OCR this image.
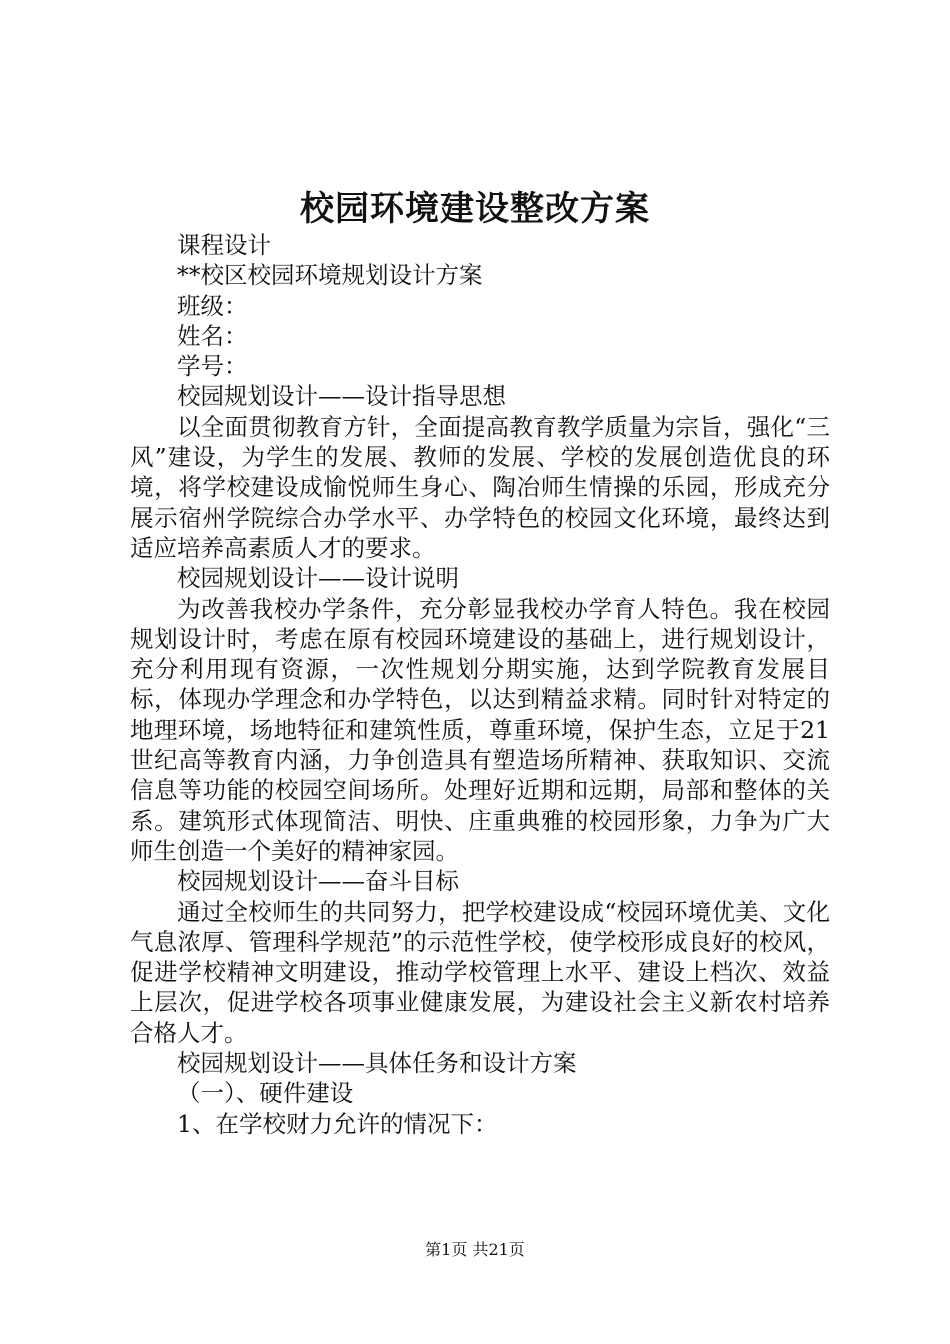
校园环境建设整改方案

课程设计

**校区校园环境规划设计方案

班级：

姓名：

学号：

校园规划设计——设计指导思想

以全面贯彻教育方针，全面提高教育教学质量为宗旨，强化“三风”建设，为学生的发展、教师的发展、学校的发展创造优良的环境，将学校建设成愉悦师生身心、陶冶师生情操的乐园，形成充分展示宿州学院综合办学水平、办学特色的校园文化环境，最终达到适应培养高素质人才的要求。

校园规划设计——设计说明

为改善我校办学条件，充分彰显我校办学育人特色。我在校园规划设计时，考虑在原有校园环境建设的基础上，进行规划设计，充分利用现有资源，一次性规划分期实施，达到学院教育发展目标，体现办学理念和办学特色，以达到精益求精。同时针对特定的地理环境，场地特征和建筑性质，尊重环境，保护生态，立足于21世纪高等教育内涵，力争创造具有塑造场所精神、获取知识、交流信息等功能的校园空间场所。处理好近期和远期，局部和整体的关系。建筑形式体现简洁、明快、庄重典雅的校园形象，力争为广大师生创造一个美好的精神家园。

校园规划设计——奋斗目标

通过全校师生的共同努力，把学校建设成“校园环境优美、文化气息浓厚、管理科学规范”的示范性学校，使学校形成良好的校风，促进学校精神文明建设，推动学校管理上水平、建设上档次、效益上层次，促进学校各项事业健康发展，为建设社会主义新农村培养合格人才。

校园规划设计——具体任务和设计方案

（一）、硬件建设

1、在学校财力允许的情况下：

第1页 共21页
